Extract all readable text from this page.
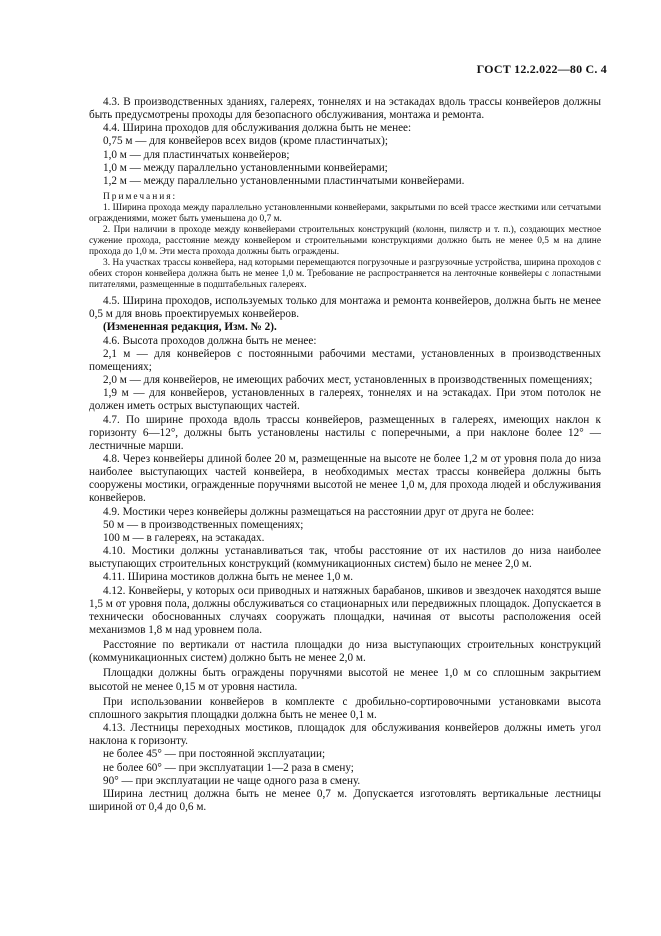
ГОСТ 12.2.022—80 С. 4

4.3. В производственных зданиях, галереях, тоннелях и на эстакадах вдоль трассы конвейеров должны быть предусмотрены проходы для безопасного обслуживания, монтажа и ремонта.

4.4. Ширина проходов для обслуживания должна быть не менее:

0,75 м — для конвейеров всех видов (кроме пластинчатых);

1,0 м — для пластинчатых конвейеров;

1,0 м — между параллельно установленными конвейерами;

1,2 м — между параллельно установленными пластинчатыми конвейерами.

Примечания:

1. Ширина прохода между параллельно установленными конвейерами, закрытыми по всей трассе жесткими или сетчатыми ограждениями, может быть уменьшена до 0,7 м.

2. При наличии в проходе между конвейерами строительных конструкций (колонн, пилястр и т. п.), создающих местное сужение прохода, расстояние между конвейером и строительными конструкциями должно быть не менее 0,5 м на длине прохода до 1,0 м. Эти места прохода должны быть ограждены.

3. На участках трассы конвейера, над которыми перемещаются погрузочные и разгрузочные устройства, ширина проходов с обеих сторон конвейера должна быть не менее 1,0 м. Требование не распространяется на ленточные конвейеры с лопастными питателями, размещенные в подштабельных галереях.

4.5. Ширина проходов, используемых только для монтажа и ремонта конвейеров, должна быть не менее 0,5 м для вновь проектируемых конвейеров.

(Измененная редакция, Изм. № 2).

4.6. Высота проходов должна быть не менее:

2,1 м — для конвейеров с постоянными рабочими местами, установленных в производственных помещениях;

2,0 м — для конвейеров, не имеющих рабочих мест, установленных в производственных помещениях;

1,9 м — для конвейеров, установленных в галереях, тоннелях и на эстакадах. При этом потолок не должен иметь острых выступающих частей.

4.7. По ширине прохода вдоль трассы конвейеров, размещенных в галереях, имеющих наклон к горизонту 6—12°, должны быть установлены настилы с поперечными, а при наклоне более 12° — лестничные марши.

4.8. Через конвейеры длиной более 20 м, размещенные на высоте не более 1,2 м от уровня пола до низа наиболее выступающих частей конвейера, в необходимых местах трассы конвейера должны быть сооружены мостики, огражденные поручнями высотой не менее 1,0 м, для прохода людей и обслуживания конвейеров.

4.9. Мостики через конвейеры должны размещаться на расстоянии друг от друга не более:

50 м — в производственных помещениях;

100 м — в галереях, на эстакадах.

4.10. Мостики должны устанавливаться так, чтобы расстояние от их настилов до низа наиболее выступающих строительных конструкций (коммуникационных систем) было не менее 2,0 м.

4.11. Ширина мостиков должна быть не менее 1,0 м.

4.12. Конвейеры, у которых оси приводных и натяжных барабанов, шкивов и звездочек находятся выше 1,5 м от уровня пола, должны обслуживаться со стационарных или передвижных площадок. Допускается в технически обоснованных случаях сооружать площадки, начиная от высоты расположения осей механизмов 1,8 м над уровнем пола.

Расстояние по вертикали от настила площадки до низа выступающих строительных конструкций (коммуникационных систем) должно быть не менее 2,0 м.

Площадки должны быть ограждены поручнями высотой не менее 1,0 м со сплошным закрытием высотой не менее 0,15 м от уровня настила.

При использовании конвейеров в комплекте с дробильно-сортировочными установками высота сплошного закрытия площадки должна быть не менее 0,1 м.

4.13. Лестницы переходных мостиков, площадок для обслуживания конвейеров должны иметь угол наклона к горизонту.

не более 45° — при постоянной эксплуатации;

не более 60° — при эксплуатации 1—2 раза в смену;

90° — при эксплуатации не чаще одного раза в смену.

Ширина лестниц должна быть не менее 0,7 м. Допускается изготовлять вертикальные лестницы шириной от 0,4 до 0,6 м.
